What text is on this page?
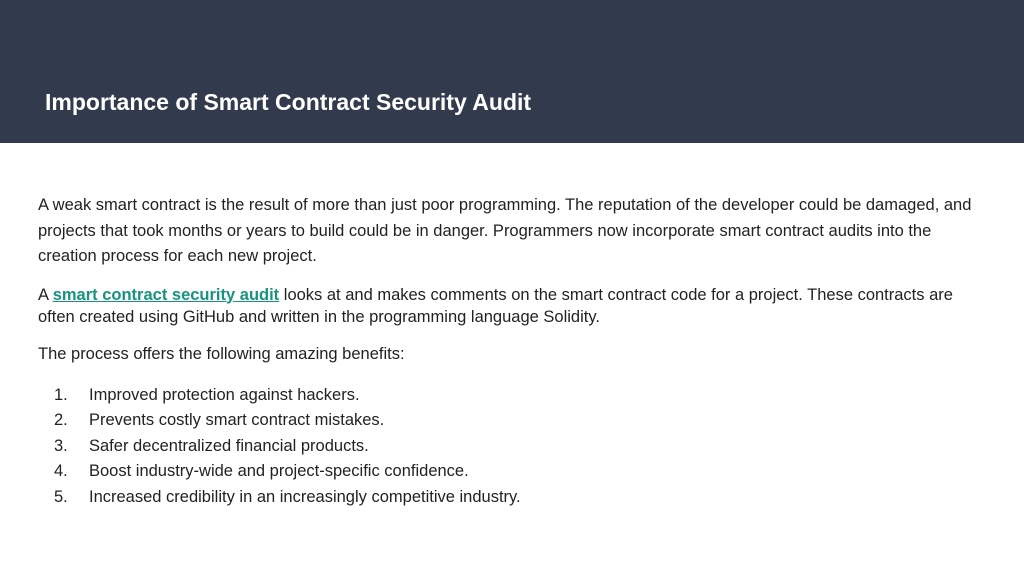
Importance of Smart Contract Security Audit

A weak smart contract is the result of more than just poor programming. The reputation of the developer could be damaged, and projects that took months or years to build could be in danger. Programmers now incorporate smart contract audits into the creation process for each new project.

A smart contract security audit looks at and makes comments on the smart contract code for a project. These contracts are often created using GitHub and written in the programming language Solidity.

The process offers the following amazing benefits:

1.	Improved protection against hackers.
2.	Prevents costly smart contract mistakes.
3.	Safer decentralized financial products.
4.	Boost industry-wide and project-specific confidence.
5.	Increased credibility in an increasingly competitive industry.
